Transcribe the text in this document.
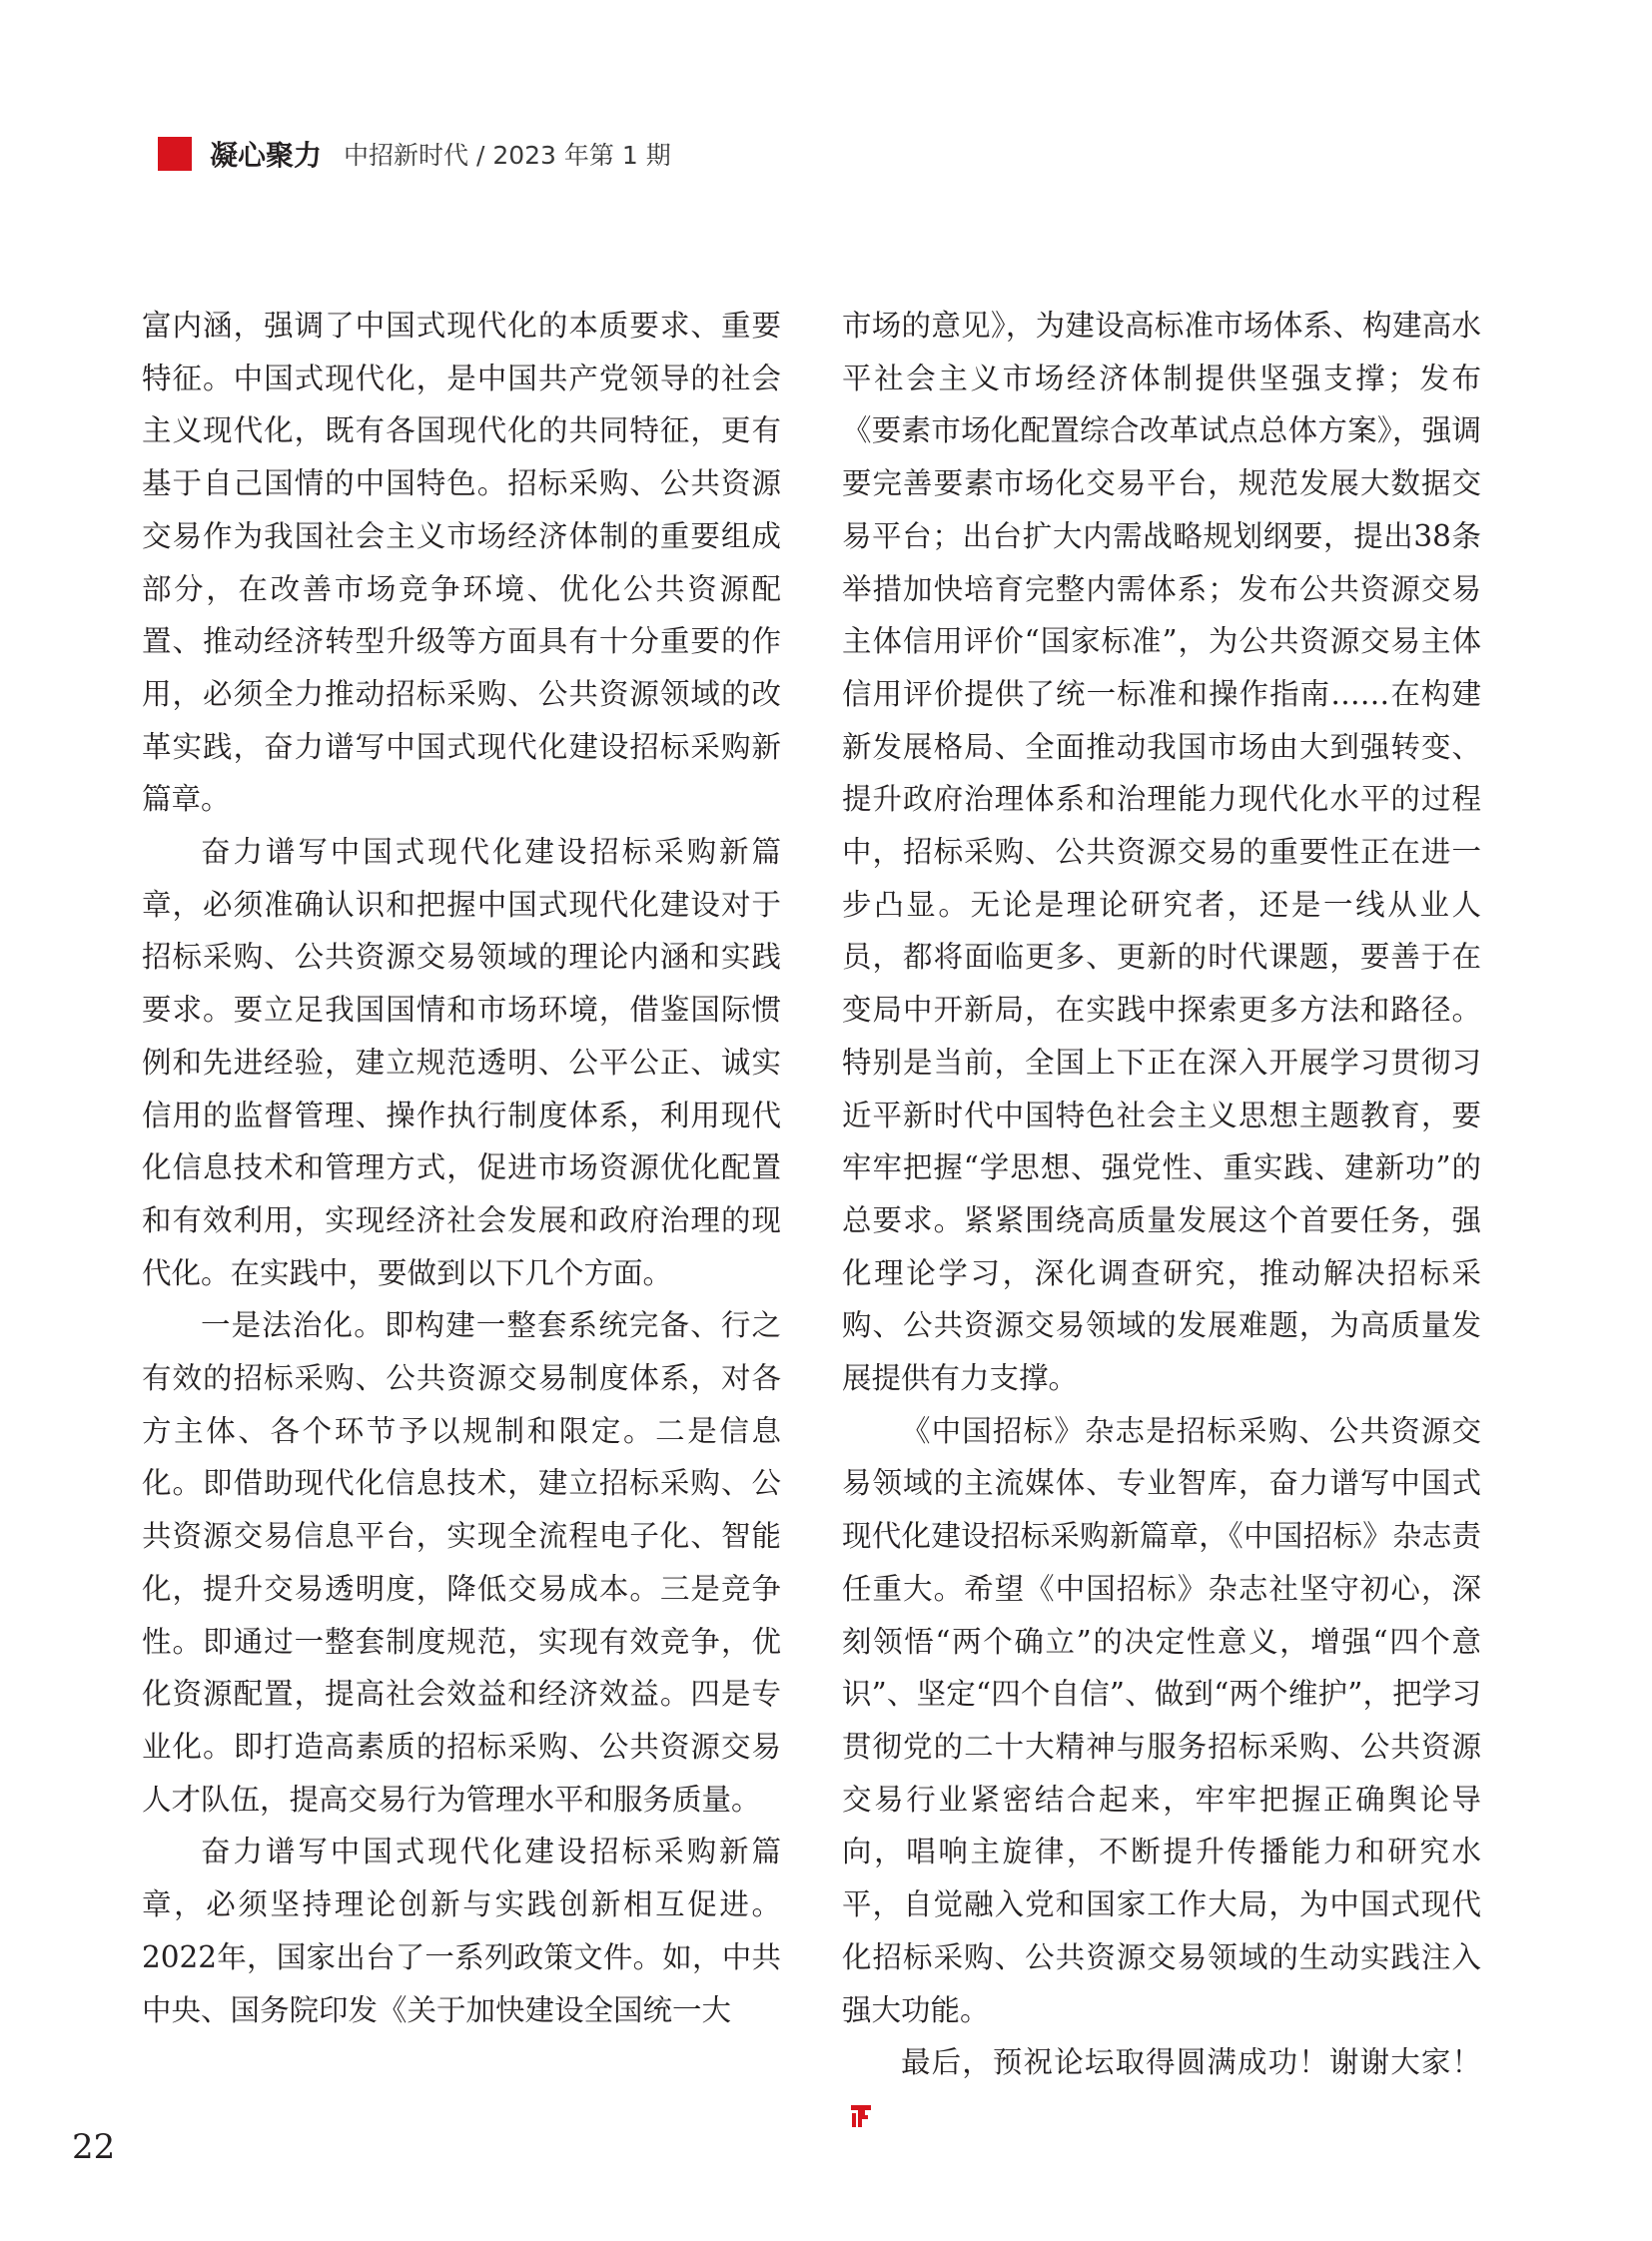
凝心聚力 中招新时代 / 2023 年第 1 期

富内涵，强调了中国式现代化的本质要求、重要特征。中国式现代化，是中国共产党领导的社会主义现代化，既有各国现代化的共同特征，更有基于自己国情的中国特色。招标采购、公共资源交易作为我国社会主义市场经济体制的重要组成部分，在改善市场竞争环境、优化公共资源配置、推动经济转型升级等方面具有十分重要的作用，必须全力推动招标采购、公共资源领域的改革实践，奋力谱写中国式现代化建设招标采购新篇章。

奋力谱写中国式现代化建设招标采购新篇章，必须准确认识和把握中国式现代化建设对于招标采购、公共资源交易领域的理论内涵和实践要求。要立足我国国情和市场环境，借鉴国际惯例和先进经验，建立规范透明、公平公正、诚实信用的监督管理、操作执行制度体系，利用现代化信息技术和管理方式，促进市场资源优化配置和有效利用，实现经济社会发展和政府治理的现代化。在实践中，要做到以下几个方面。

一是法治化。即构建一整套系统完备、行之有效的招标采购、公共资源交易制度体系，对各方主体、各个环节予以规制和限定。二是信息化。即借助现代化信息技术，建立招标采购、公共资源交易信息平台，实现全流程电子化、智能化，提升交易透明度，降低交易成本。三是竞争性。即通过一整套制度规范，实现有效竞争，优化资源配置，提高社会效益和经济效益。四是专业化。即打造高素质的招标采购、公共资源交易人才队伍，提高交易行为管理水平和服务质量。

奋力谱写中国式现代化建设招标采购新篇章，必须坚持理论创新与实践创新相互促进。2022年，国家出台了一系列政策文件。如，中共中央、国务院印发《关于加快建设全国统一大

市场的意见》，为建设高标准市场体系、构建高水平社会主义市场经济体制提供坚强支撑；发布《要素市场化配置综合改革试点总体方案》，强调要完善要素市场化交易平台，规范发展大数据交易平台；出台扩大内需战略规划纲要，提出38条举措加快培育完整内需体系；发布公共资源交易主体信用评价“国家标准”，为公共资源交易主体信用评价提供了统一标准和操作指南……在构建新发展格局、全面推动我国市场由大到强转变、提升政府治理体系和治理能力现代化水平的过程中，招标采购、公共资源交易的重要性正在进一步凸显。无论是理论研究者，还是一线从业人员，都将面临更多、更新的时代课题，要善于在变局中开新局，在实践中探索更多方法和路径。特别是当前，全国上下正在深入开展学习贯彻习近平新时代中国特色社会主义思想主题教育，要牢牢把握“学思想、强党性、重实践、建新功”的总要求。紧紧围绕高质量发展这个首要任务，强化理论学习，深化调查研究，推动解决招标采购、公共资源交易领域的发展难题，为高质量发展提供有力支撑。

《中国招标》杂志是招标采购、公共资源交易领域的主流媒体、专业智库，奋力谱写中国式现代化建设招标采购新篇章，《中国招标》杂志责任重大。希望《中国招标》杂志社坚守初心，深刻领悟“两个确立”的决定性意义，增强“四个意识”、坚定“四个自信”、做到“两个维护”，把学习贯彻党的二十大精神与服务招标采购、公共资源交易行业紧密结合起来，牢牢把握正确舆论导向，唱响主旋律，不断提升传播能力和研究水平，自觉融入党和国家工作大局，为中国式现代化招标采购、公共资源交易领域的生动实践注入强大功能。

最后，预祝论坛取得圆满成功！谢谢大家！

22
